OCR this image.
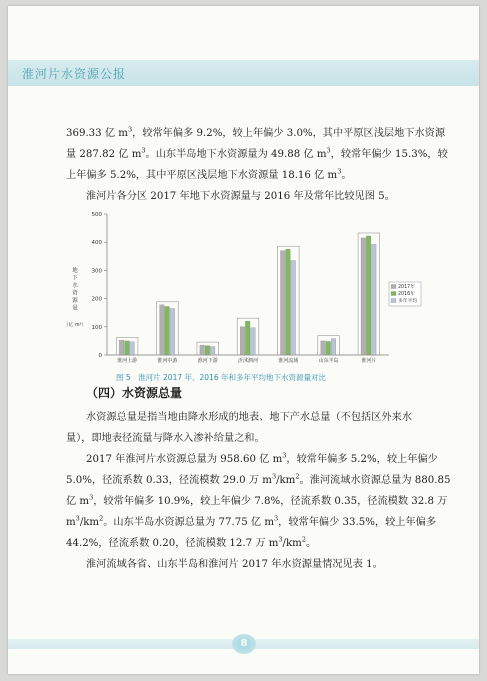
淮河片水资源公报
369.33 亿 $m^3$，较常年偏多 9.2%，较上年偏少 3.0%，其中平原区浅层地下水资源
量 287.82 亿 $m^3$。山东半岛地下水资源量为 49.88 亿 $m^3$，较常年偏少 15.3%，较
上年偏多 5.2%，其中平原区浅层地下水资源量 18.16 亿 $m^3$。
淮河片各分区 2017 年地下水资源量与 2016 年及常年比较见图 5。
0
100
200
300
400
500
地
下
水
资
源
量
（亿 m³）
淮河上游	淮河中游	淮河下游	沂沭泗河	淮河流域	山东半岛	淮河片
2017年
2016年
多年平均
图 5　淮河片 2017 年、2016 年和多年平均地下水资源量对比
（四）水资源总量
水资源总量是指当地由降水形成的地表、地下产水总量（不包括区外来水
量），即地表径流量与降水入渗补给量之和。
2017 年淮河片水资源总量为 958.60 亿 $m^3$，较常年偏多 5.2%，较上年偏少
5.0%，径流系数 0.33，径流模数 29.0 万 $m^3/km^2$。淮河流域水资源总量为 880.85
亿 $m^3$，较常年偏多 10.9%，较上年偏少 7.8%，径流系数 0.35，径流模数 32.8 万
$m^3/km^2$。山东半岛水资源总量为 77.75 亿 $m^3$，较常年偏少 33.5%，较上年偏多
44.2%，径流系数 0.20，径流模数 12.7 万 $m^3/km^2$。
淮河流域各省、山东半岛和淮河片 2017 年水资源量情况见表 1。
8
